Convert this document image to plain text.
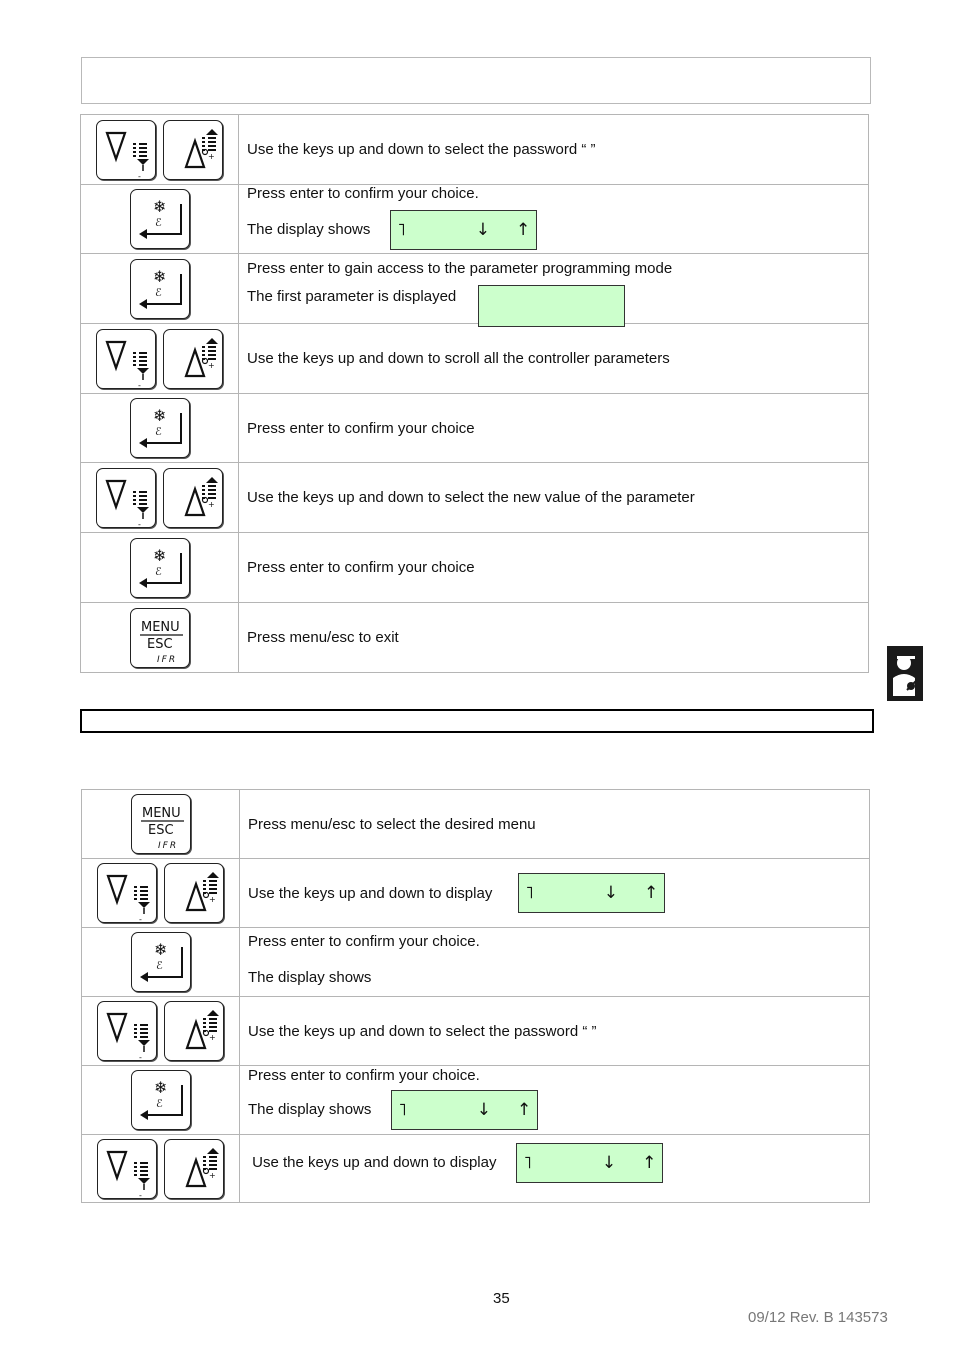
	Use the keys up and down to select the password “ ”

Press enter to confirm your choice.
The display shows ˥ ↓ ↑

Press enter to gain access to the parameter programming mode
The first parameter is displayed

	Use the keys up and down to scroll all the controller parameters

	Press enter to confirm your choice

	Use the keys up and down to select the new value of the parameter

	Press enter to confirm your choice

MENU
ESC
IFR	Press menu/esc to exit
MENU
ESC
IFR	Press menu/esc to select the desired menu

Use the keys up and down to display ˥ ↓ ↑

Press enter to confirm your choice.
The display shows

	Use the keys up and down to select the password “ ”

Press enter to confirm your choice.
The display shows ˥ ↓ ↑

Use the keys up and down to display ˥ ↓ ↑
35
09/12 Rev. B 143573
